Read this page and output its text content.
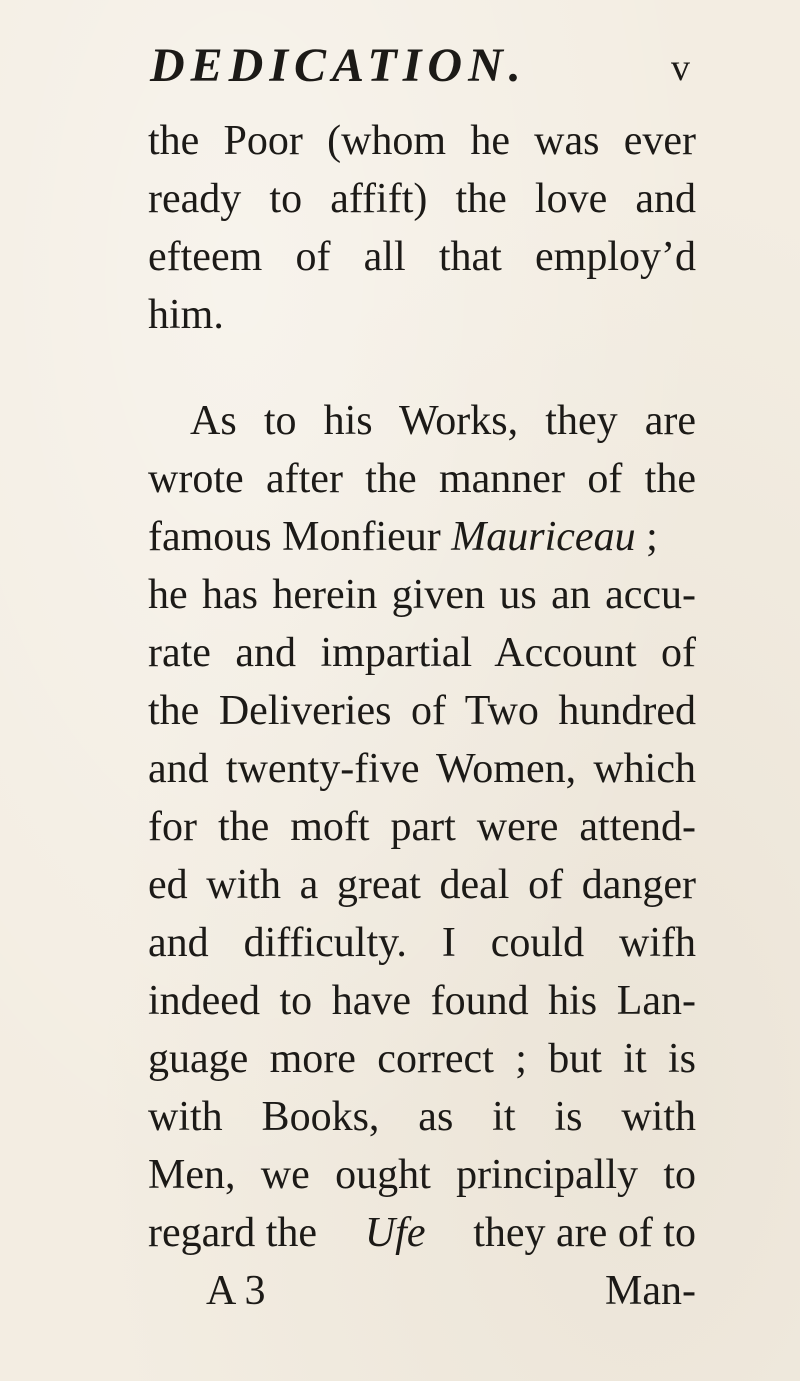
DEDICATION.	v
the Poor (whom he was ever
ready to affift) the love and
efteem of all that employ’d
him.
As to his Works, they are
wrote after the manner of the
famous Monfieur Mauriceau ;
he has herein given us an accu-
rate and impartial Account of
the Deliveries of Two hundred
and twenty-five Women, which
for the moft part were attend-
ed with a great deal of danger
and difficulty. I could wifh
indeed to have found his Lan-
guage more correct ; but it is
with Books, as it is with
Men, we ought principally to
regard the Ufe they are of to
A 3	Man-
